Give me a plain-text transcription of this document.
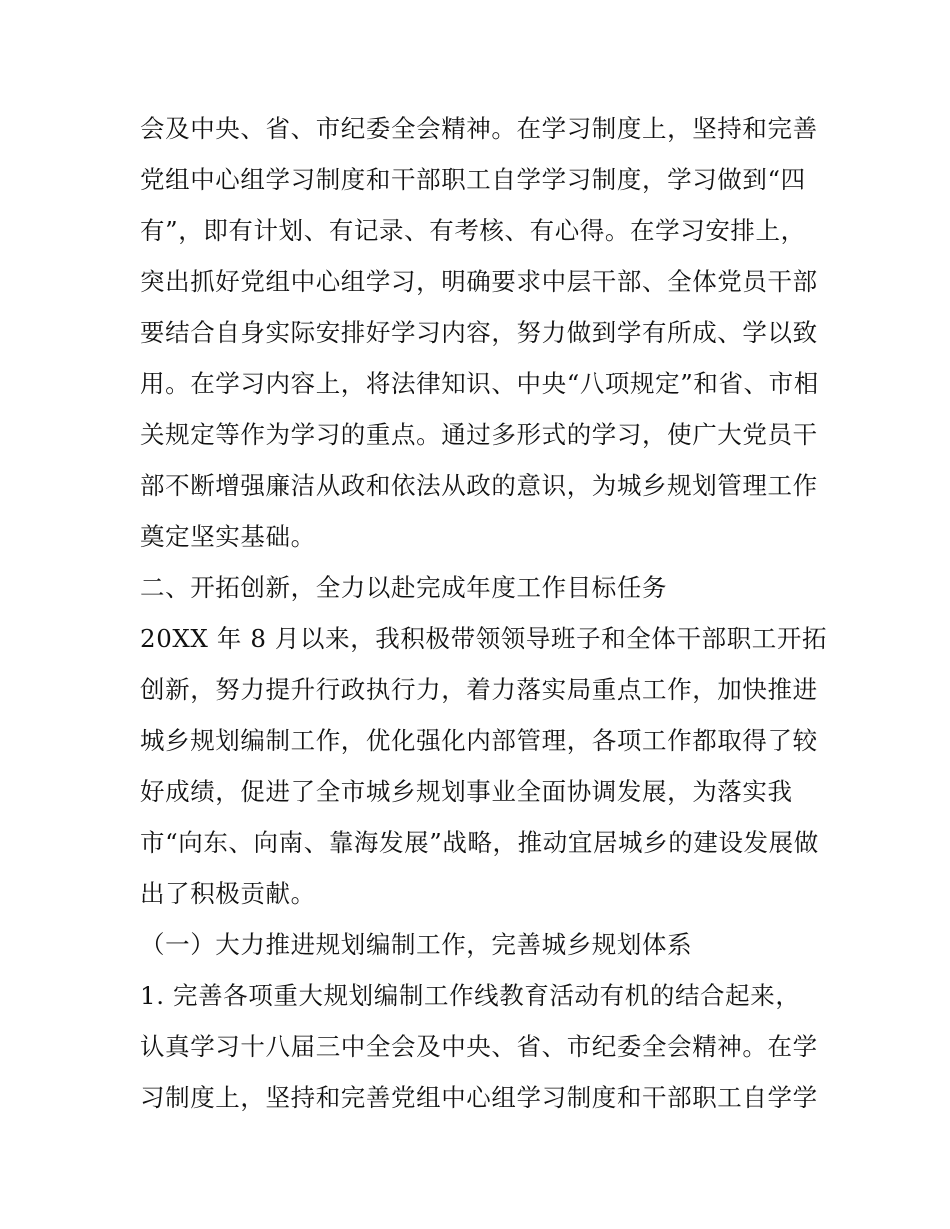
会及中央、省、市纪委全会精神。在学习制度上，坚持和完善
党组中心组学习制度和干部职工自学学习制度，学习做到“四
有”，即有计划、有记录、有考核、有心得。在学习安排上，
突出抓好党组中心组学习，明确要求中层干部、全体党员干部
要结合自身实际安排好学习内容，努力做到学有所成、学以致
用。在学习内容上，将法律知识、中央“八项规定”和省、市相
关规定等作为学习的重点。通过多形式的学习，使广大党员干
部不断增强廉洁从政和依法从政的意识，为城乡规划管理工作
奠定坚实基础。
二、开拓创新，全力以赴完成年度工作目标任务
20XX 年 8 月以来，我积极带领领导班子和全体干部职工开拓
创新，努力提升行政执行力，着力落实局重点工作，加快推进
城乡规划编制工作，优化强化内部管理，各项工作都取得了较
好成绩，促进了全市城乡规划事业全面协调发展，为落实我
市“向东、向南、靠海发展”战略，推动宜居城乡的建设发展做
出了积极贡献。
（一）大力推进规划编制工作，完善城乡规划体系
1. 完善各项重大规划编制工作线教育活动有机的结合起来，
认真学习十八届三中全会及中央、省、市纪委全会精神。在学
习制度上，坚持和完善党组中心组学习制度和干部职工自学学
